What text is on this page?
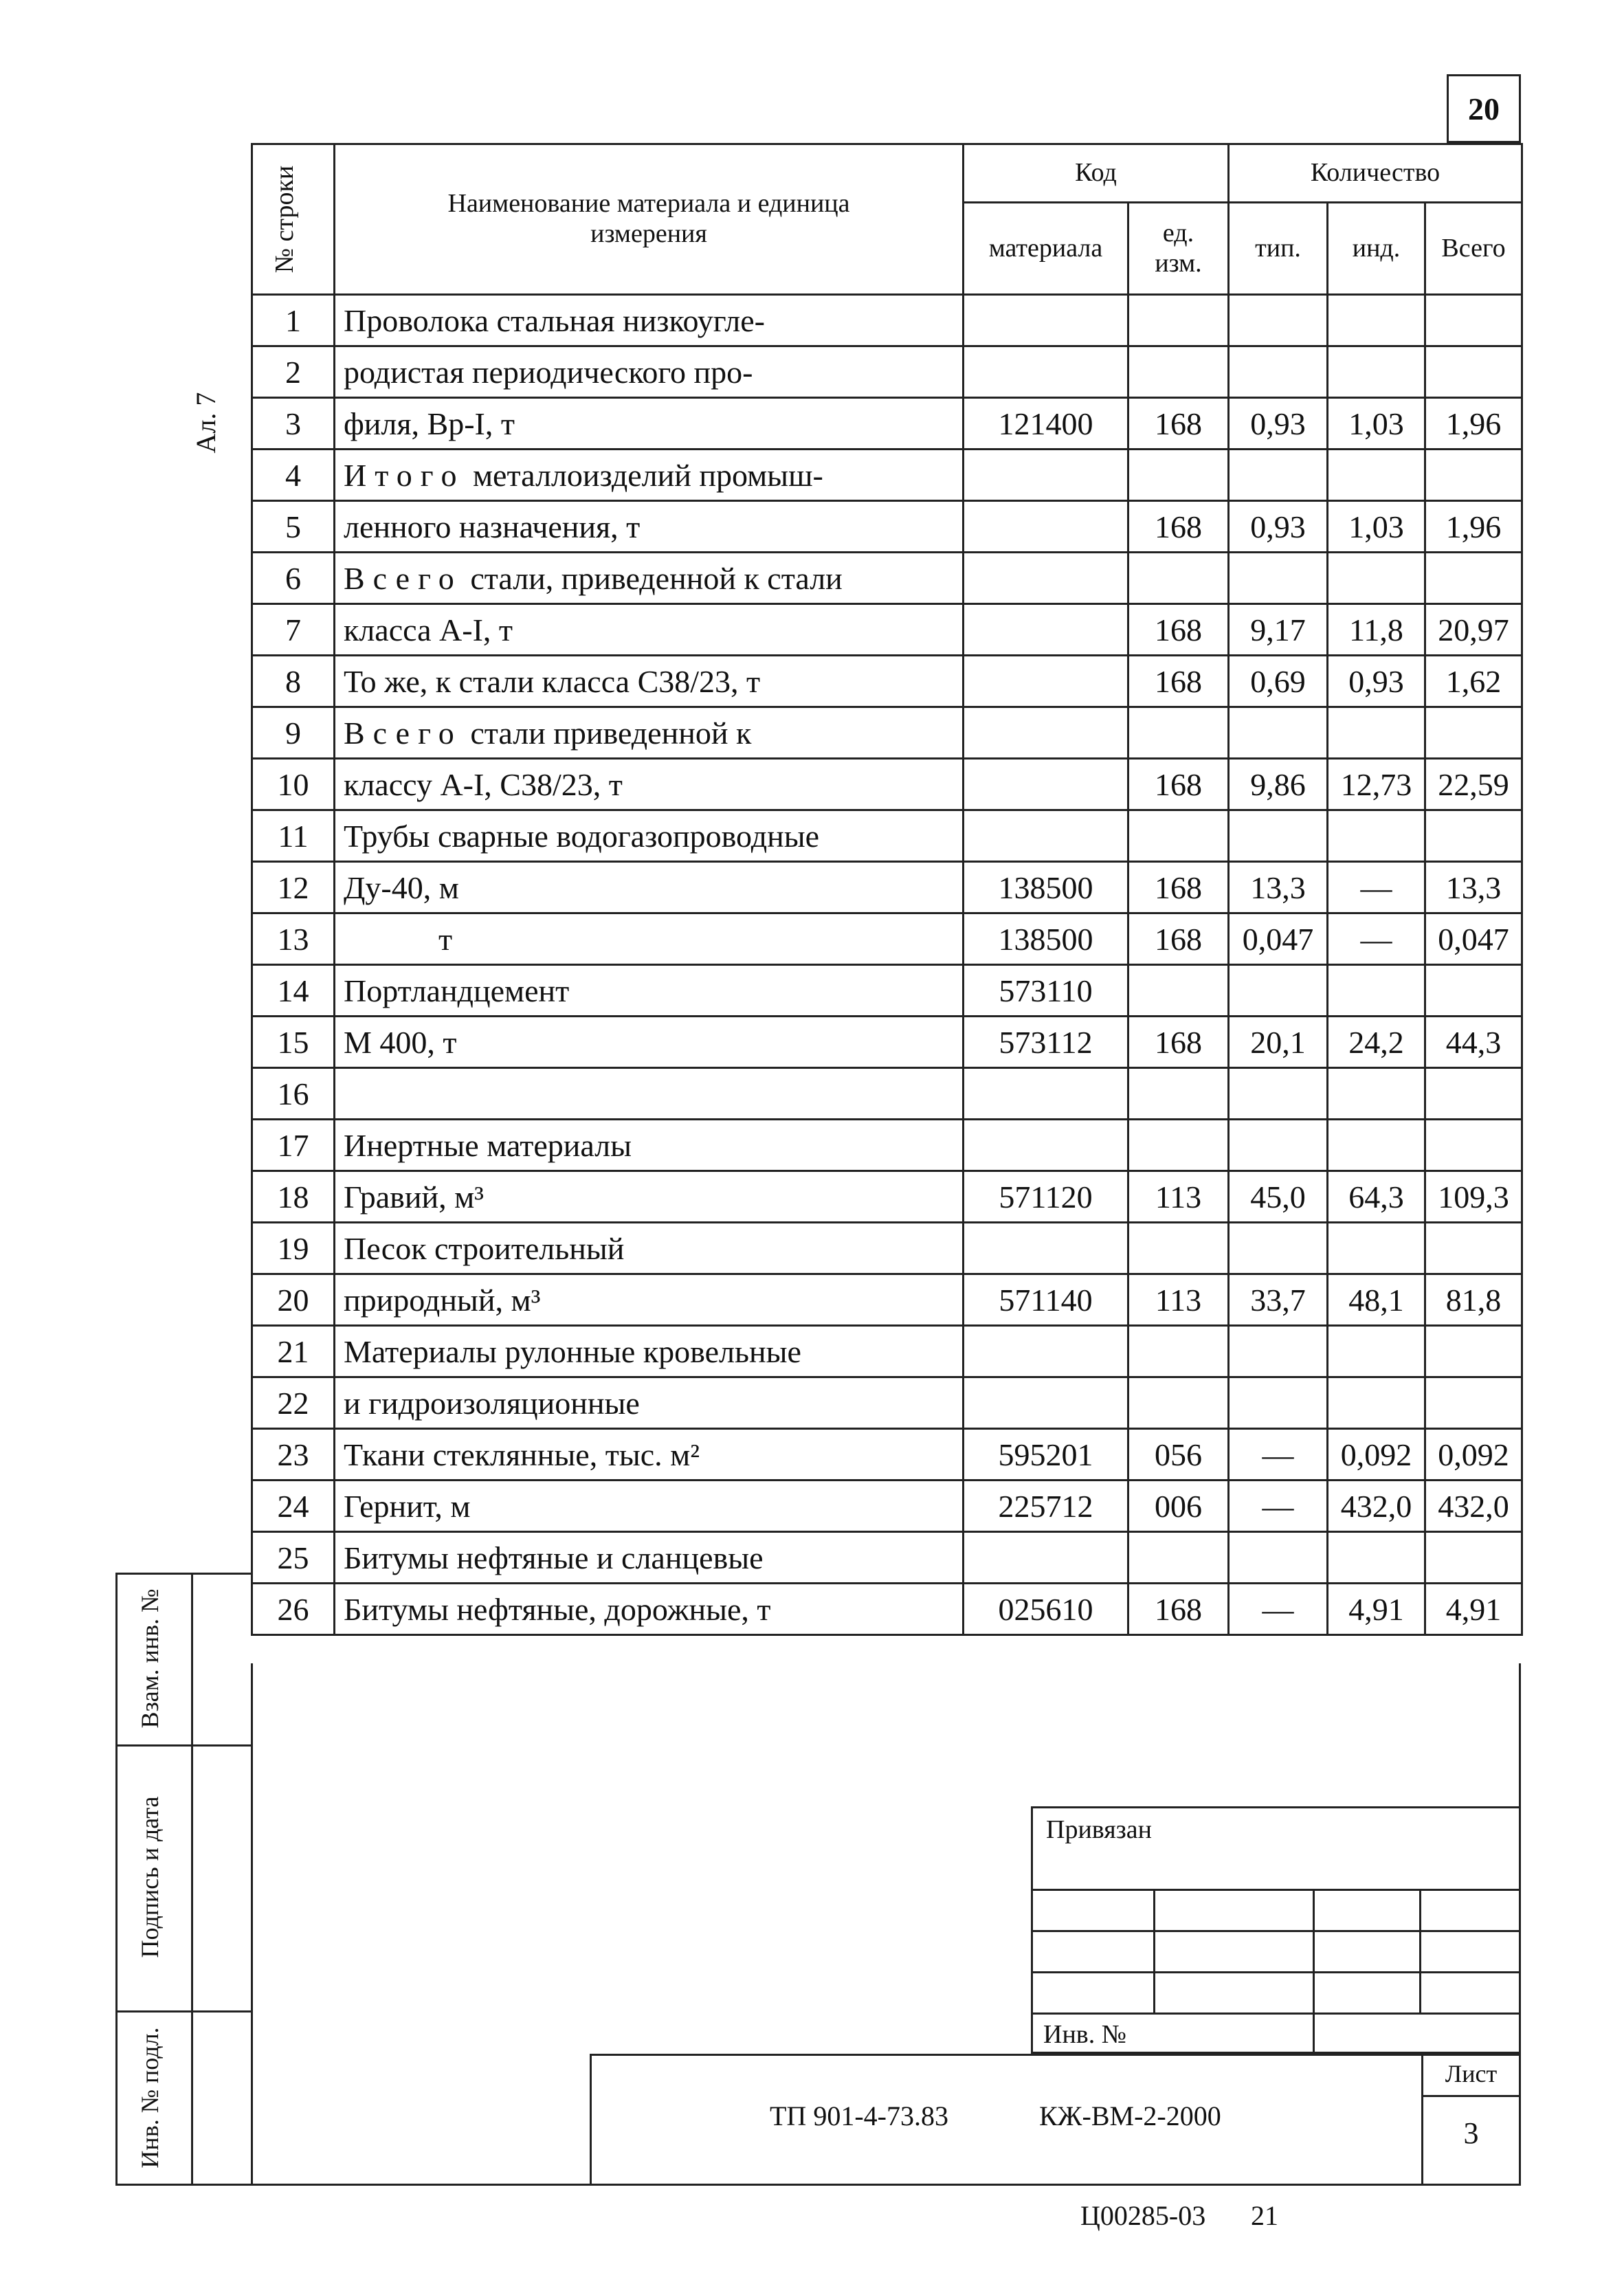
20
Ал. 7
№ строки	Наименование материала и единица измерения	Код		Количество		
		материала	ед. изм.	тип.	инд.	Всего
1	Проволока стальная низкоугле-					
2	родистая периодического про-					
3	филя, Вр-I, т	121400	168	0,93	1,03	1,96
4	Итого металлоизделий промыш-					
5	ленного назначения, т		168	0,93	1,03	1,96
6	Всего стали, приведенной к стали					
7	класса А-I, т		168	9,17	11,8	20,97
8	То же, к стали класса С38/23, т		168	0,69	0,93	1,62
9	Всего стали приведенной к					
10	классу А-I, С38/23, т		168	9,86	12,73	22,59
11	Трубы сварные водогазопроводные					
12	Ду-40, м	138500	168	13,3	—	13,3
13	т	138500	168	0,047	—	0,047
14	Портландцемент	573110				
15	М 400, т	573112	168	20,1	24,2	44,3
16						
17	Инертные материалы					
18	Гравий, м³	571120	113	45,0	64,3	109,3
19	Песок строительный					
20	природный, м³	571140	113	33,7	48,1	81,8
21	Материалы рулонные кровельные					
22	и гидроизоляционные					
23	Ткани стеклянные, тыс. м²	595201	056	—	0,092	0,092
24	Гернит, м	225712	006	—	432,0	432,0
25	Битумы нефтяные и сланцевые					
26	Битумы нефтяные, дорожные, т	025610	168	—	4,91	4,91
Взам. инв. №
Подпись и дата
Инв. № подл.
Привязан
Инв. №
ТП 901-4-73.83	КЖ-ВМ-2-2000
Лист
3
Ц00285-03 21
